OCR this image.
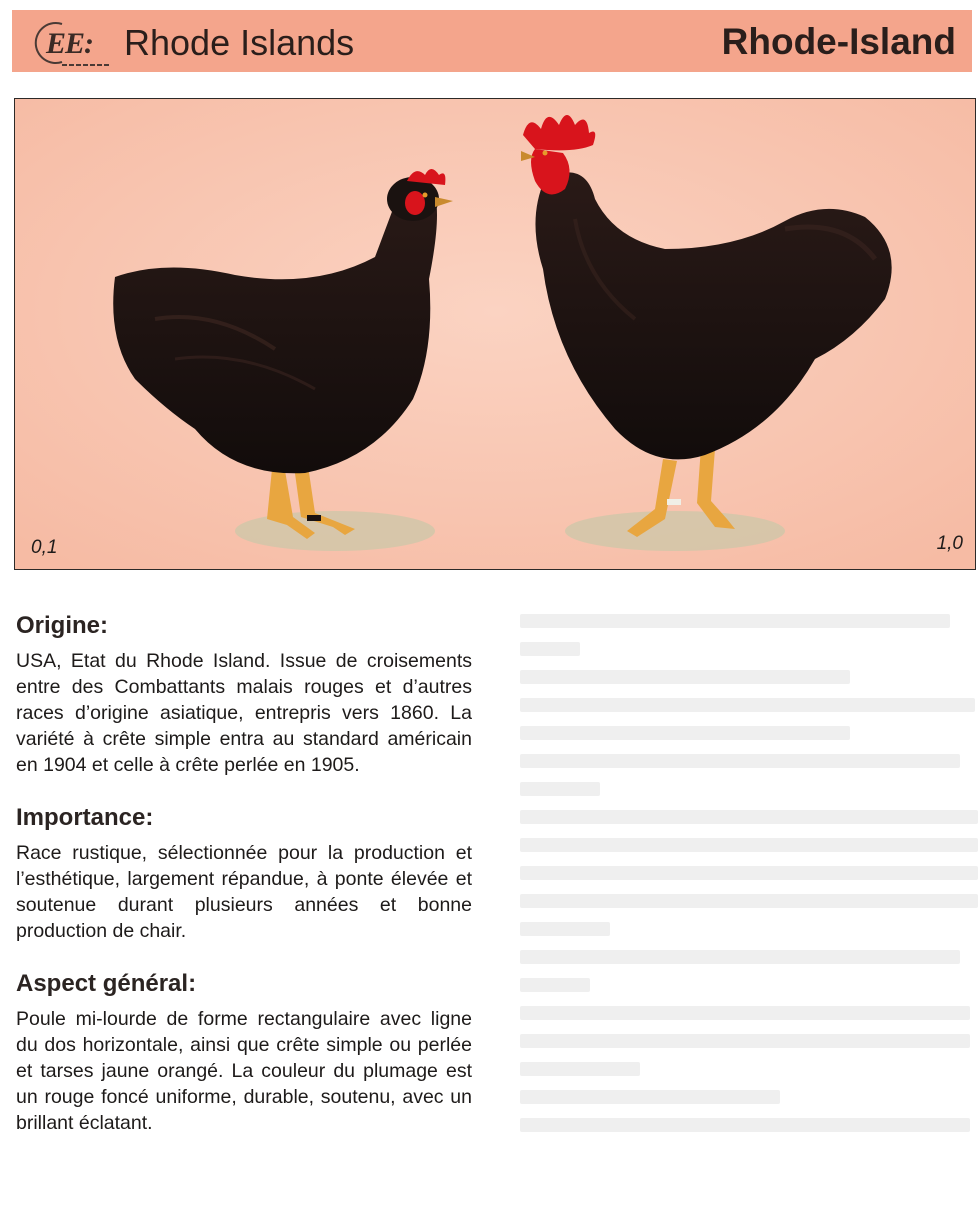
EE: Rhode Islands	Rhode-Island
0,1	1,0
Origine:

USA, Etat du Rhode Island. Issue de croisements entre des Combattants malais rouges et d’autres races d’origine asiatique, entrepris vers 1860. La variété à crête simple entra au standard américain en 1904 et celle à crête perlée en 1905.

Importance:

Race rustique, sélectionnée pour la production et l’esthétique, largement répandue, à ponte élevée et soutenue durant plusieurs années et bonne production de chair.

Aspect général:

Poule mi-lourde de forme rectangulaire avec ligne du dos horizontale, ainsi que crête simple ou perlée et tarses jaune orangé. La couleur du plumage est un rouge foncé uniforme, durable, soutenu, avec un brillant éclatant.
